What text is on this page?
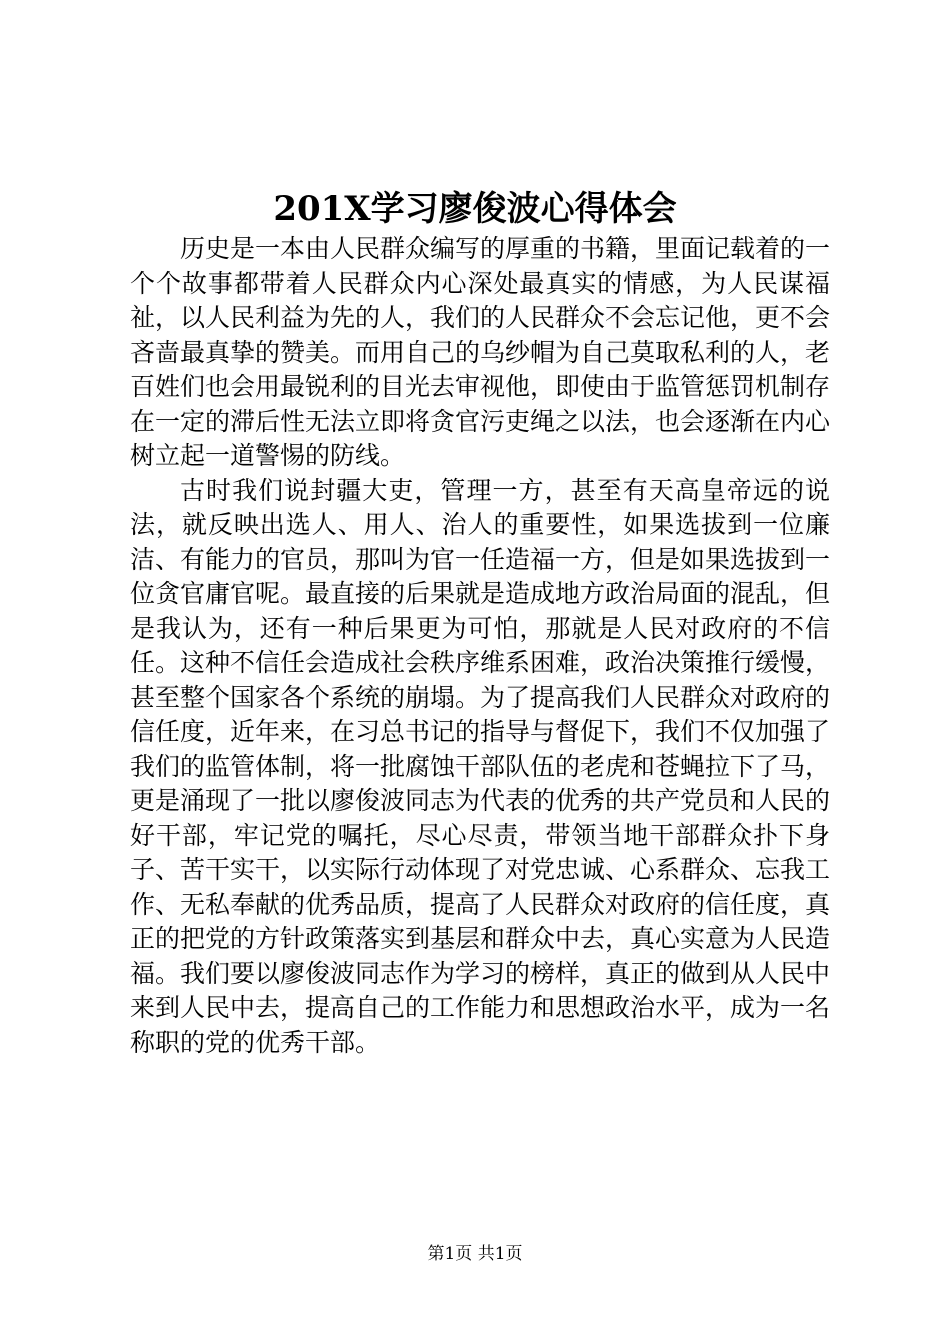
201X学习廖俊波心得体会

历史是一本由人民群众编写的厚重的书籍，里面记载着的一个个故事都带着人民群众内心深处最真实的情感，为人民谋福祉，以人民利益为先的人，我们的人民群众不会忘记他，更不会吝啬最真挚的赞美。而用自己的乌纱帽为自己莫取私利的人，老百姓们也会用最锐利的目光去审视他，即使由于监管惩罚机制存在一定的滞后性无法立即将贪官污吏绳之以法，也会逐渐在内心树立起一道警惕的防线。

古时我们说封疆大吏，管理一方，甚至有天高皇帝远的说法，就反映出选人、用人、治人的重要性，如果选拔到一位廉洁、有能力的官员，那叫为官一任造福一方，但是如果选拔到一位贪官庸官呢。最直接的后果就是造成地方政治局面的混乱，但是我认为，还有一种后果更为可怕，那就是人民对政府的不信任。这种不信任会造成社会秩序维系困难，政治决策推行缓慢，甚至整个国家各个系统的崩塌。为了提高我们人民群众对政府的信任度，近年来，在习总书记的指导与督促下，我们不仅加强了我们的监管体制，将一批腐蚀干部队伍的老虎和苍蝇拉下了马，更是涌现了一批以廖俊波同志为代表的优秀的共产党员和人民的好干部，牢记党的嘱托，尽心尽责，带领当地干部群众扑下身子、苦干实干，以实际行动体现了对党忠诚、心系群众、忘我工作、无私奉献的优秀品质，提高了人民群众对政府的信任度，真正的把党的方针政策落实到基层和群众中去，真心实意为人民造福。我们要以廖俊波同志作为学习的榜样，真正的做到从人民中来到人民中去，提高自己的工作能力和思想政治水平，成为一名称职的党的优秀干部。

第1页 共1页
